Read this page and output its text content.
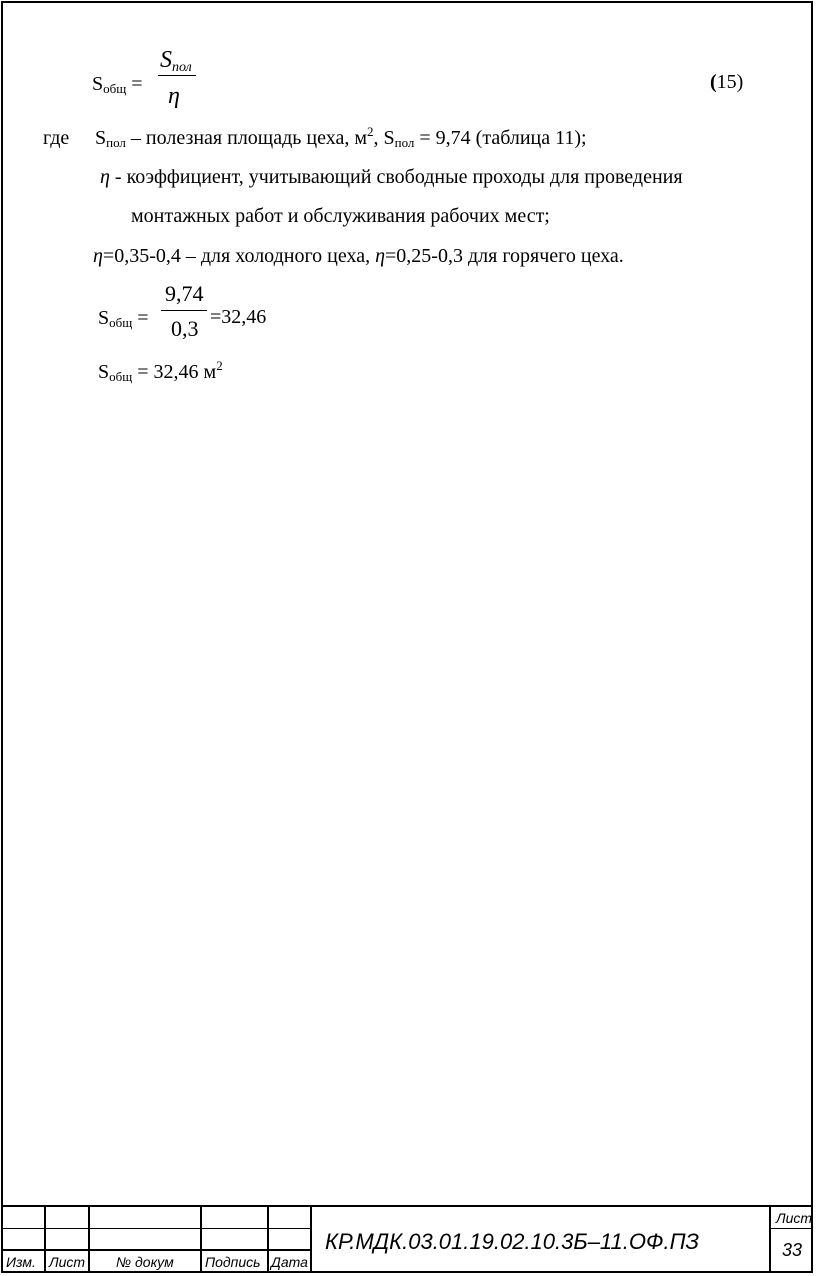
Sобщ =
Sпол
η
(15)
где Sпол – полезная площадь цеха, $м^2$, Sпол = 9,74 (таблица 11);
η - коэффициент, учитывающий свободные проходы для проведения
монтажных работ и обслуживания рабочих мест;
η=0,35-0,4 – для холодного цеха, η=0,25-0,3 для горячего цеха.
Sобщ =
9,74
0,3 =32,46
Sобщ = 32,46 $м^2$
Изм. Лист № докум Подпись Дата
КР.МДК.03.01.19.02.10.3Б–11.ОФ.ПЗ
Лист
33
